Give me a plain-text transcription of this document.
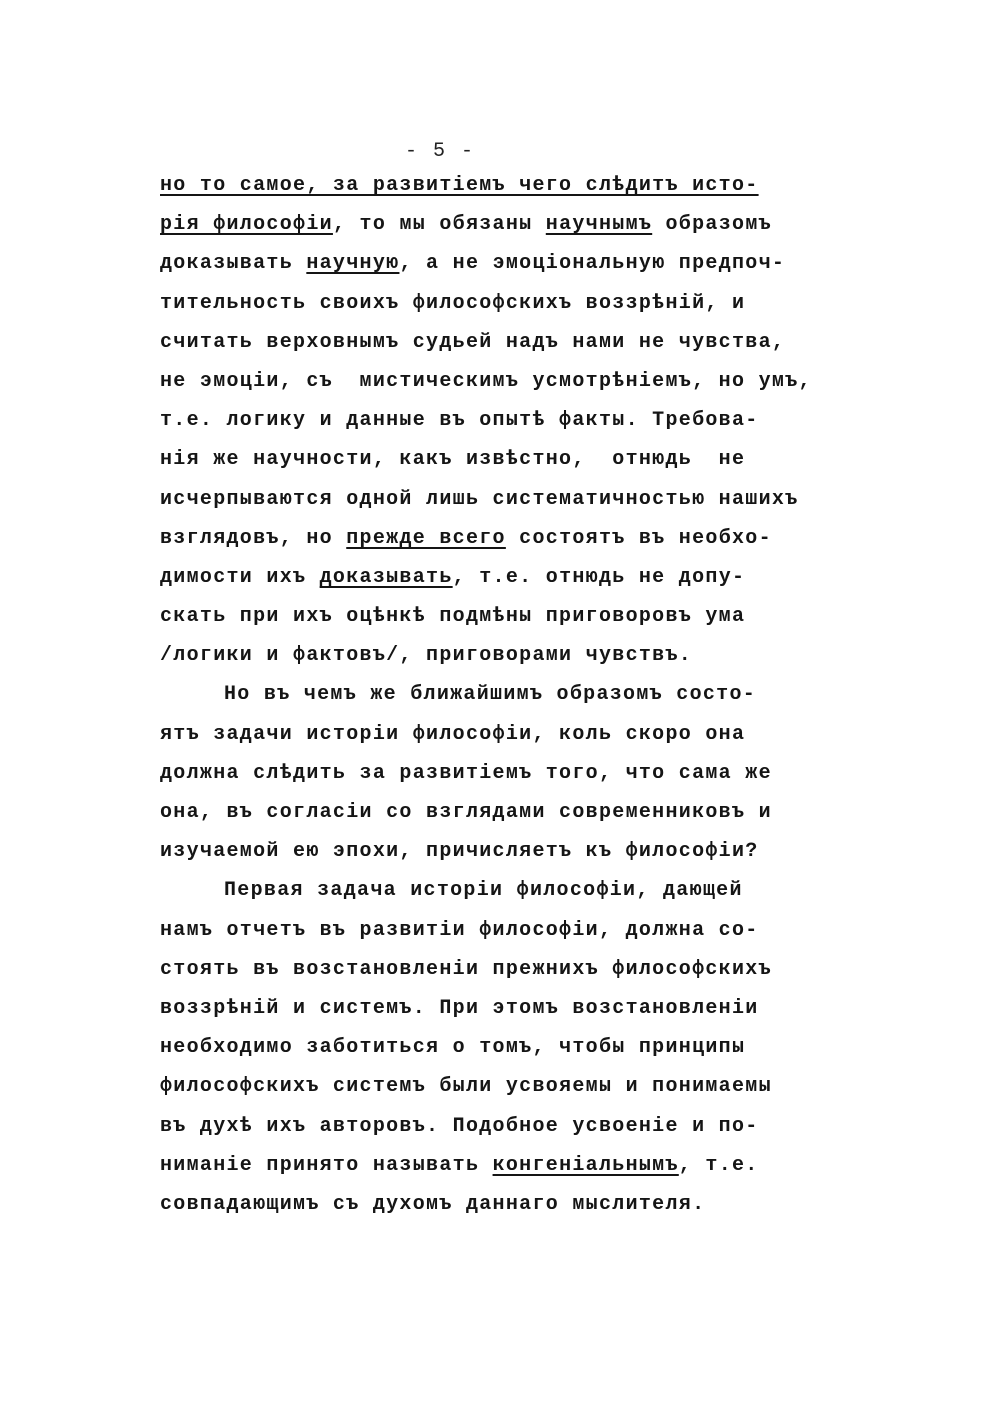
- 5 -
но то самое, за развитіемъ чего слѣдитъ исто-
рія философіи, то мы обязаны научнымъ образомъ
доказывать научную, а не эмоціональную предпоч-
тительность своихъ философскихъ воззрѣній, и
считать верховнымъ судьей надъ нами не чувства,
не эмоціи, съ  мистическимъ усмотрѣніемъ, но умъ,
т.е. логику и данные въ опытѣ факты. Требова-
нія же научности, какъ извѣстно,  отнюдь  не
исчерпываются одной лишь систематичностью нашихъ
взглядовъ, но прежде всего состоятъ въ необхо-
димости ихъ доказывать, т.е. отнюдь не допу-
скать при ихъ оцѣнкѣ подмѣны приговоровъ ума
/логики и фактовъ/, приговорами чувствъ.
Но въ чемъ же ближайшимъ образомъ состо-
ятъ задачи исторіи философіи, коль скоро она
должна слѣдить за развитіемъ того, что сама же
она, въ согласіи со взглядами современниковъ и
изучаемой ею эпохи, причисляетъ къ философіи?
Первая задача исторіи философіи, дающей
намъ отчетъ въ развитіи философіи, должна со-
стоять въ возстановленіи прежнихъ философскихъ
воззрѣній и системъ. При этомъ возстановленіи
необходимо заботиться о томъ, чтобы принципы
философскихъ системъ были усвояемы и понимаемы
въ духѣ ихъ авторовъ. Подобное усвоеніе и по-
ниманіе принято называть конгеніальнымъ, т.е.
совпадающимъ съ духомъ даннаго мыслителя.
